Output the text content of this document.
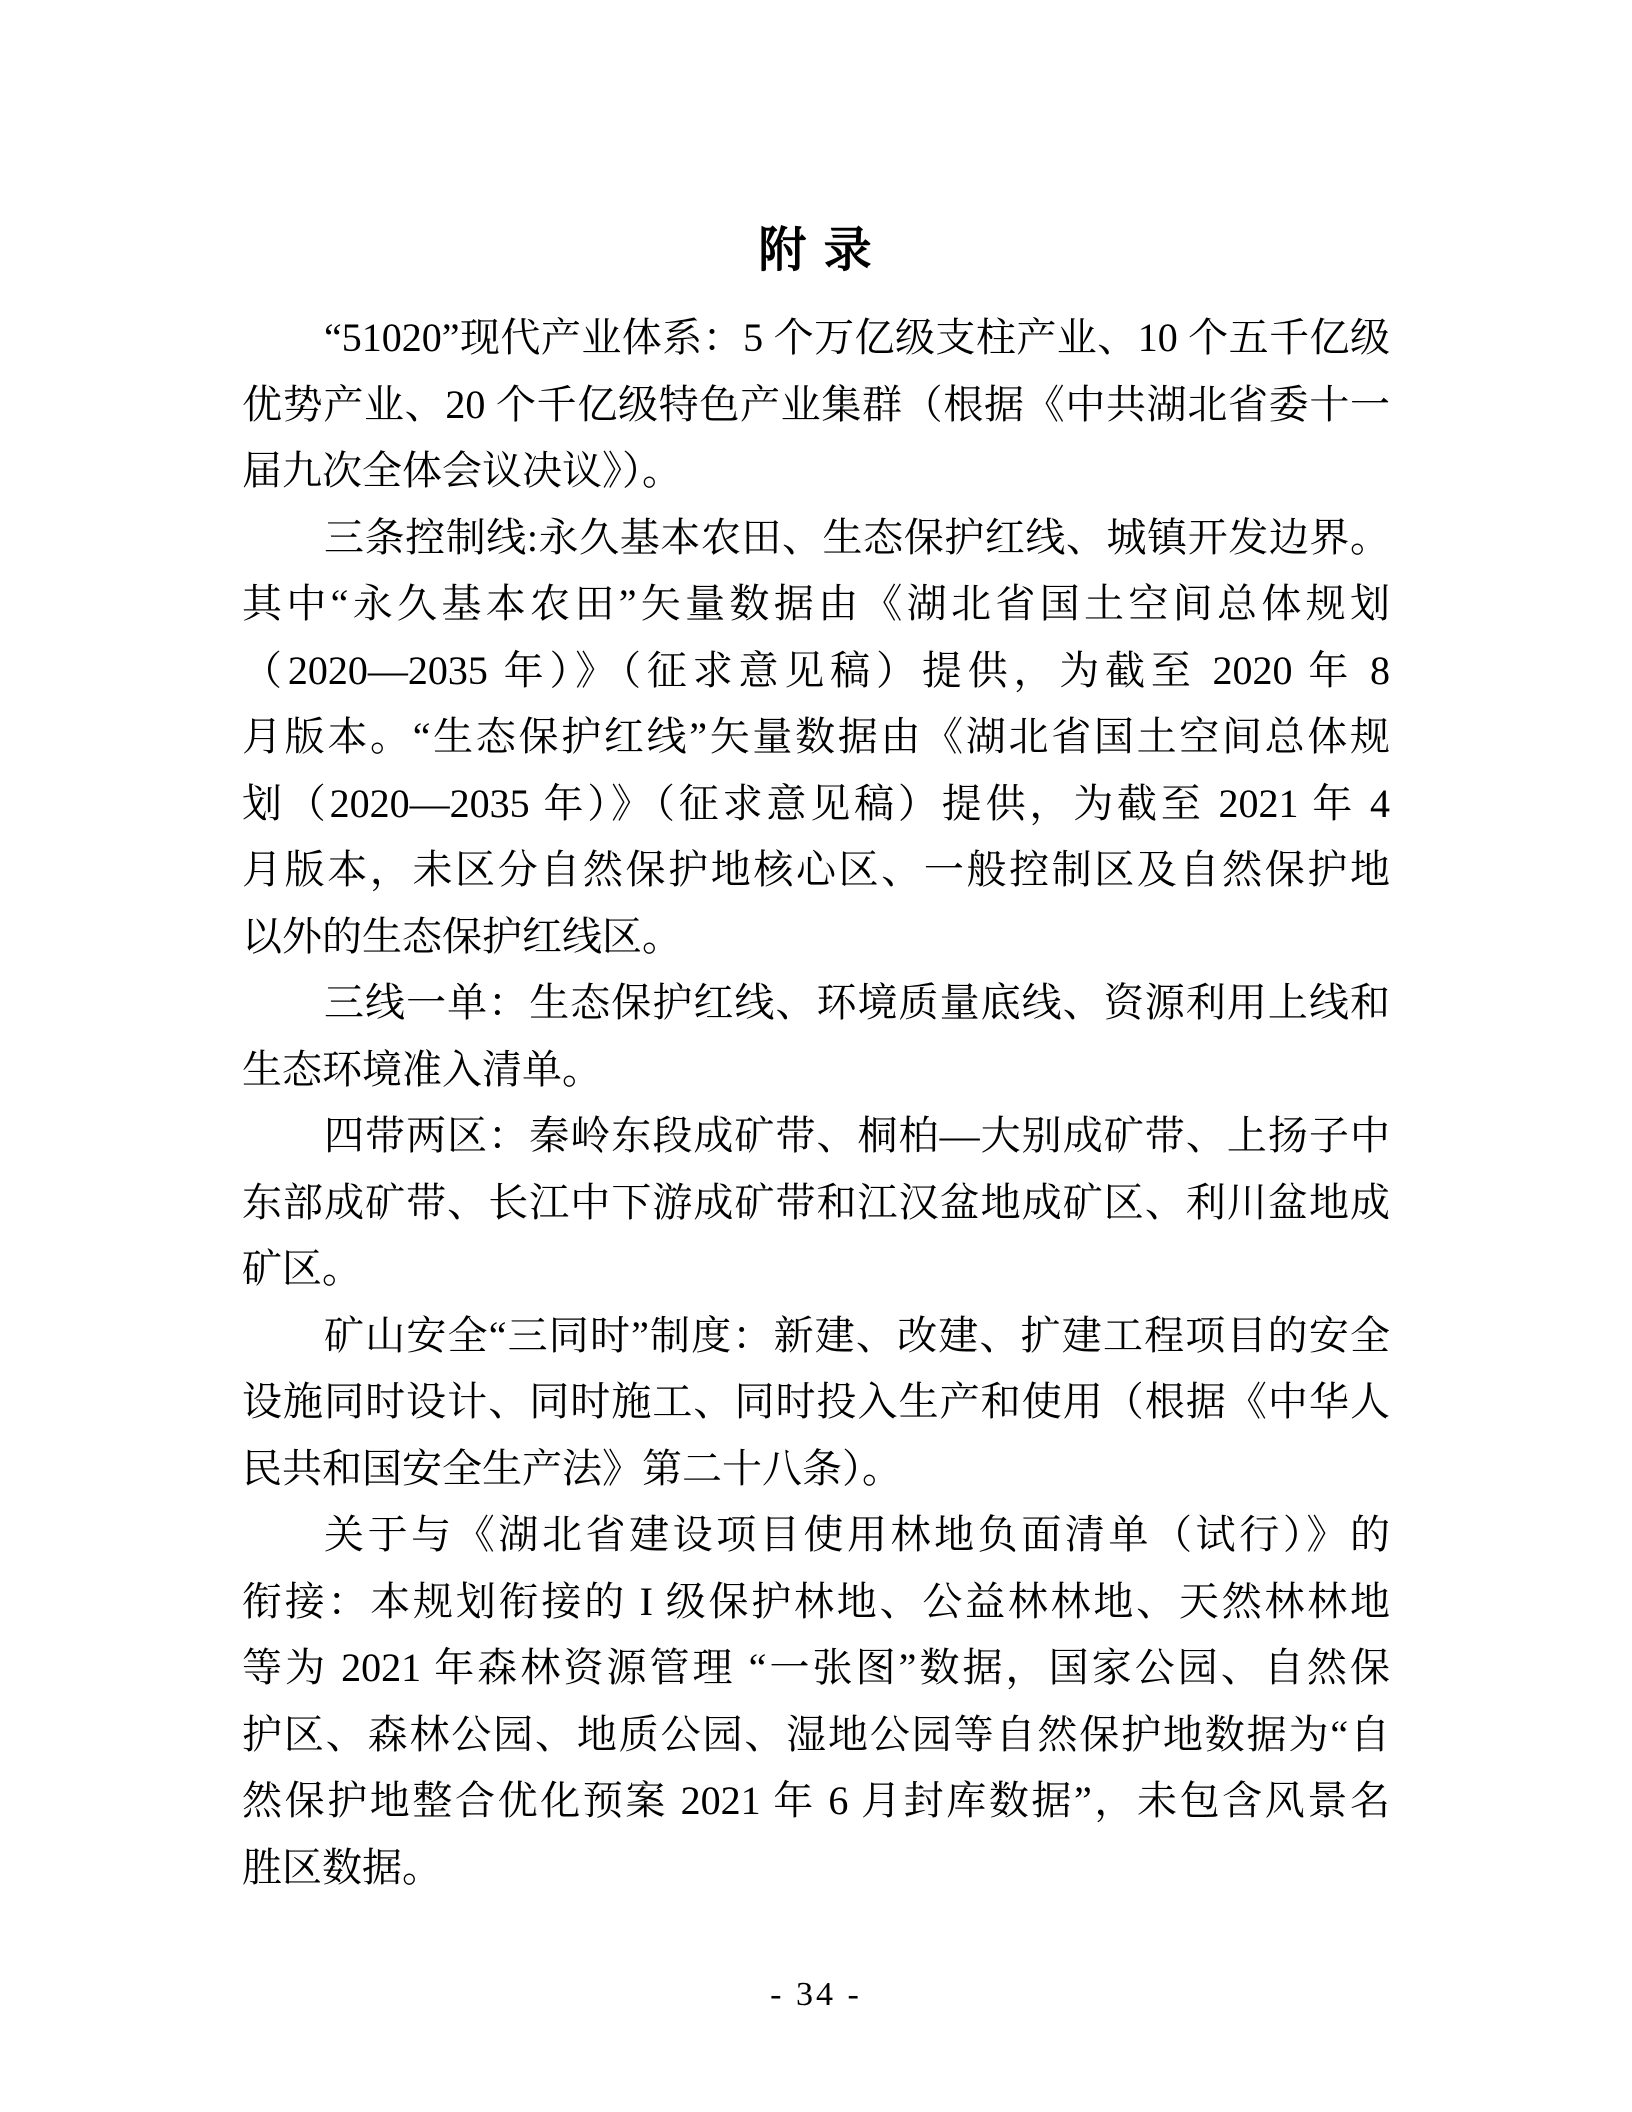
附 录
“51020”现代产业体系：5 个万亿级支柱产业、10 个五千亿级
优势产业、20 个千亿级特色产业集群（根据《中共湖北省委十一
届九次全体会议决议》）。
三条控制线:永久基本农田、生态保护红线、城镇开发边界。
其中“永久基本农田”矢量数据由《湖北省国土空间总体规划
（2020—2035 年）》（征求意见稿）提供，为截至 2020 年 8
月版本。“生态保护红线”矢量数据由《湖北省国土空间总体规
划（2020—2035 年）》（征求意见稿）提供，为截至 2021 年 4
月版本，未区分自然保护地核心区、一般控制区及自然保护地
以外的生态保护红线区。
三线一单：生态保护红线、环境质量底线、资源利用上线和
生态环境准入清单。
四带两区：秦岭东段成矿带、桐柏—大别成矿带、上扬子中
东部成矿带、长江中下游成矿带和江汉盆地成矿区、利川盆地成
矿区。
矿山安全“三同时”制度：新建、改建、扩建工程项目的安全
设施同时设计、同时施工、同时投入生产和使用（根据《中华人
民共和国安全生产法》第二十八条）。
关于与《湖北省建设项目使用林地负面清单（试行）》的
衔接：本规划衔接的 I 级保护林地、公益林林地、天然林林地
等为 2021 年森林资源管理 “一张图”数据，国家公园、自然保
护区、森林公园、地质公园、湿地公园等自然保护地数据为“自
然保护地整合优化预案 2021 年 6 月封库数据”，未包含风景名
胜区数据。
- 34 -
